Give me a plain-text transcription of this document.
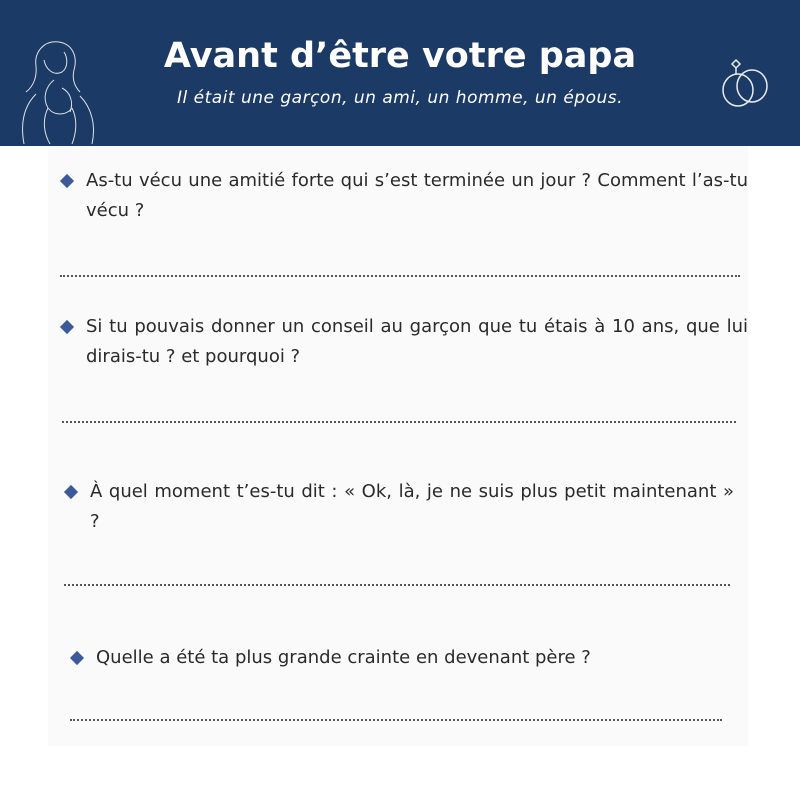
Avant d’être votre papa
Il était une garçon, un ami, un homme, un épous.
As-tu vécu une amitié forte qui s’est terminée un jour ? Comment l’as-tu vécu ?
Si tu pouvais donner un conseil au garçon que tu étais à 10 ans, que lui dirais-tu ? et pourquoi ?
À quel moment t’es-tu dit : « Ok, là, je ne suis plus petit maintenant » ?
Quelle a été ta plus grande crainte en devenant père ?
